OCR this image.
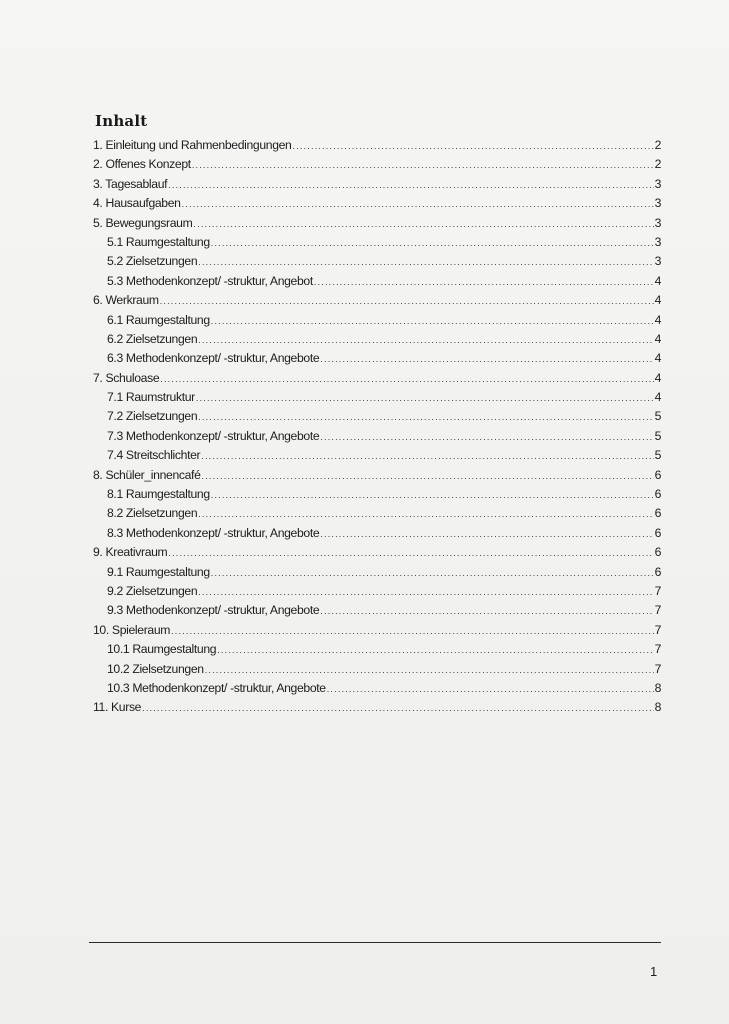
Inhalt
1. Einleitung und Rahmenbedingungen .....	2
2. Offenes Konzept .....	2
3. Tagesablauf .....	3
4. Hausaufgaben .....	3
5. Bewegungsraum .....	3
5.1 Raumgestaltung .....	3
5.2 Zielsetzungen .....	3
5.3 Methodenkonzept/ -struktur, Angebot .....	4
6. Werkraum .....	4
6.1 Raumgestaltung .....	4
6.2 Zielsetzungen .....	4
6.3 Methodenkonzept/ -struktur, Angebote .....	4
7. Schuloase .....	4
7.1 Raumstruktur .....	4
7.2 Zielsetzungen .....	5
7.3 Methodenkonzept/ -struktur, Angebote .....	5
7.4 Streitschlichter .....	5
8. Schüler_innencafé .....	6
8.1 Raumgestaltung .....	6
8.2 Zielsetzungen .....	6
8.3 Methodenkonzept/ -struktur, Angebote .....	6
9. Kreativraum .....	6
9.1 Raumgestaltung .....	6
9.2 Zielsetzungen .....	7
9.3 Methodenkonzept/ -struktur, Angebote .....	7
10. Spieleraum .....	7
10.1 Raumgestaltung .....	7
10.2 Zielsetzungen .....	7
10.3 Methodenkonzept/ -struktur, Angebote .....	8
11. Kurse .....	8
1
